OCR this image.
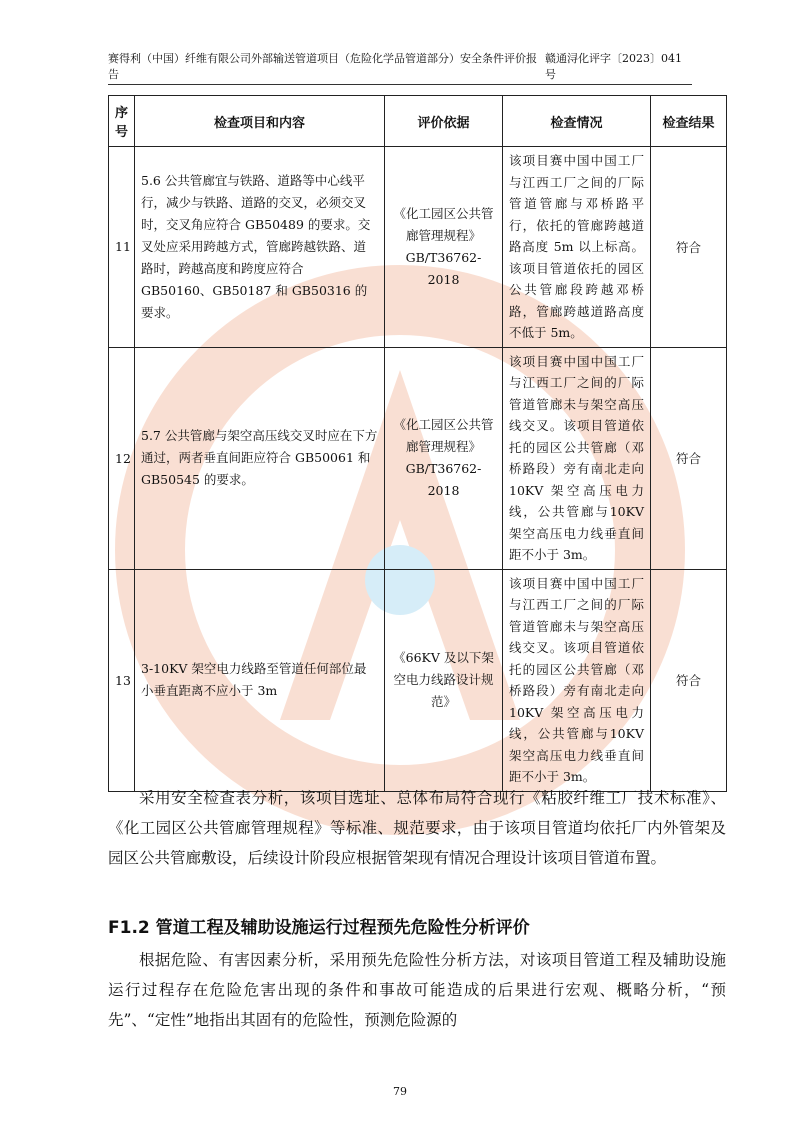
赛得利（中国）纤维有限公司外部输送管道项目（危险化学品管道部分）安全条件评价报告
赣通浔化评字〔2023〕041号
序号	检查项目和内容	评价依据	检查情况	检查结果
11	5.6 公共管廊宜与铁路、道路等中心线平行，减少与铁路、道路的交叉，必须交叉时，交叉角应符合 GB50489 的要求。交叉处应采用跨越方式，管廊跨越铁路、道路时，跨越高度和跨度应符合 GB50160、GB50187 和 GB50316 的要求。	《化工园区公共管廊管理规程》GB/T36762-2018	该项目赛中国中国工厂与江西工厂之间的厂际管道管廊与邓桥路平行，依托的管廊跨越道路高度 5m 以上标高。该项目管道依托的园区公共管廊段跨越邓桥路，管廊跨越道路高度不低于 5m。	符合
12	5.7 公共管廊与架空高压线交叉时应在下方通过，两者垂直间距应符合 GB50061 和 GB50545 的要求。	《化工园区公共管廊管理规程》GB/T36762-2018	该项目赛中国中国工厂与江西工厂之间的厂际管道管廊未与架空高压线交叉。该项目管道依托的园区公共管廊（邓桥路段）旁有南北走向 10KV 架空高压电力线，公共管廊与10KV 架空高压电力线垂直间距不小于 3m。	符合
13	3-10KV 架空电力线路至管道任何部位最小垂直距离不应小于 3m	《66KV 及以下架空电力线路设计规范》	该项目赛中国中国工厂与江西工厂之间的厂际管道管廊未与架空高压线交叉。该项目管道依托的园区公共管廊（邓桥路段）旁有南北走向 10KV 架空高压电力线，公共管廊与10KV 架空高压电力线垂直间距不小于 3m。	符合

采用安全检查表分析，该项目选址、总体布局符合现行《粘胶纤维工厂技术标准》、《化工园区公共管廊管理规程》等标准、规范要求，由于该项目管道均依托厂内外管架及园区公共管廊敷设，后续设计阶段应根据管架现有情况合理设计该项目管道布置。

F1.2 管道工程及辅助设施运行过程预先危险性分析评价

根据危险、有害因素分析，采用预先危险性分析方法，对该项目管道工程及辅助设施运行过程存在危险危害出现的条件和事故可能造成的后果进行宏观、概略分析，“预先”、“定性”地指出其固有的危险性，预测危险源的

79
